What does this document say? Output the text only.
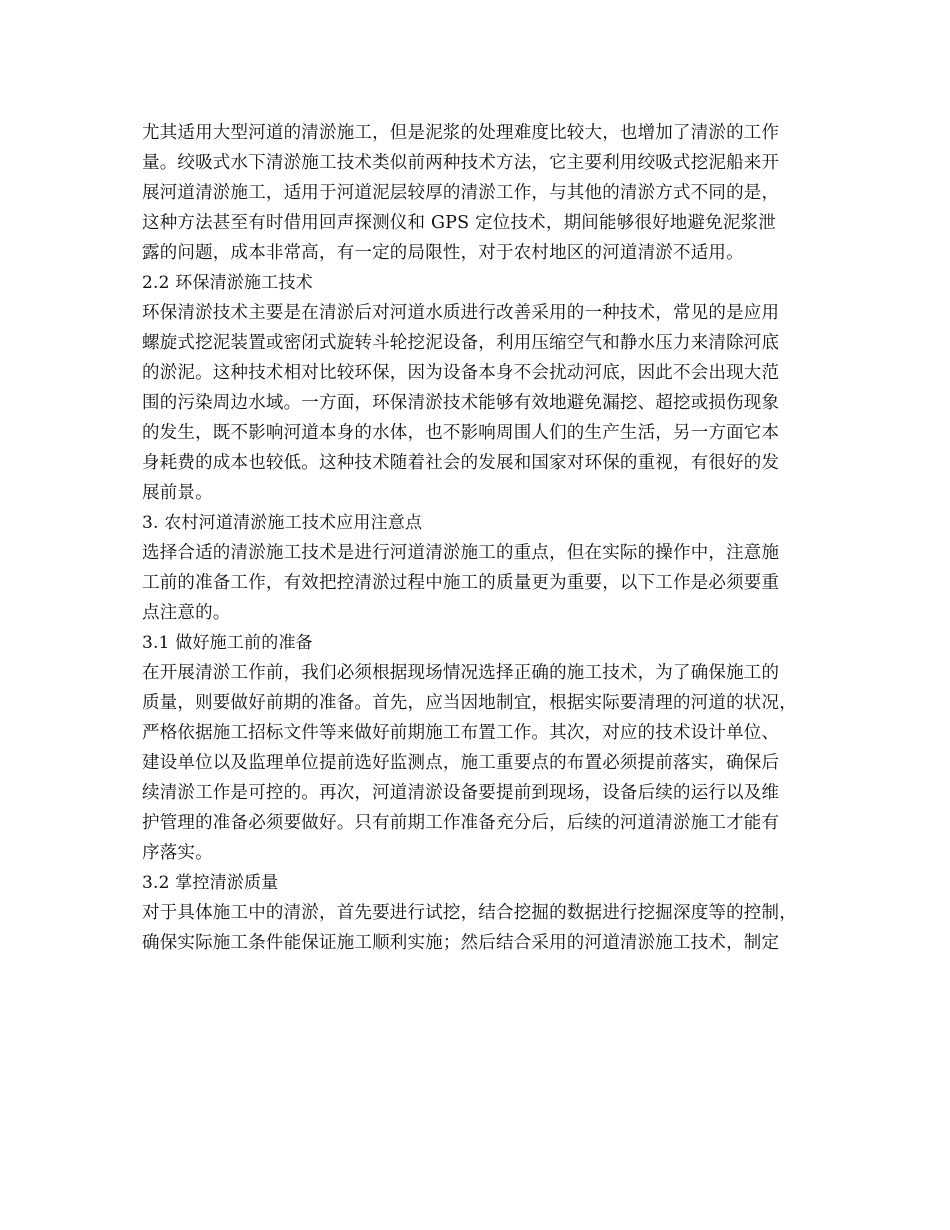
尤其适用大型河道的清淤施工，但是泥浆的处理难度比较大，也增加了清淤的工作
量。绞吸式水下清淤施工技术类似前两种技术方法，它主要利用绞吸式挖泥船来开
展河道清淤施工，适用于河道泥层较厚的清淤工作，与其他的清淤方式不同的是，
这种方法甚至有时借用回声探测仪和 GPS 定位技术，期间能够很好地避免泥浆泄
露的问题，成本非常高，有一定的局限性，对于农村地区的河道清淤不适用。
2.2 环保清淤施工技术
环保清淤技术主要是在清淤后对河道水质进行改善采用的一种技术，常见的是应用
螺旋式挖泥装置或密闭式旋转斗轮挖泥设备，利用压缩空气和静水压力来清除河底
的淤泥。这种技术相对比较环保，因为设备本身不会扰动河底，因此不会出现大范
围的污染周边水域。一方面，环保清淤技术能够有效地避免漏挖、超挖或损伤现象
的发生，既不影响河道本身的水体，也不影响周围人们的生产生活，另一方面它本
身耗费的成本也较低。这种技术随着社会的发展和国家对环保的重视，有很好的发
展前景。
3. 农村河道清淤施工技术应用注意点
选择合适的清淤施工技术是进行河道清淤施工的重点，但在实际的操作中，注意施
工前的准备工作，有效把控清淤过程中施工的质量更为重要，以下工作是必须要重
点注意的。
3.1 做好施工前的准备
在开展清淤工作前，我们必须根据现场情况选择正确的施工技术，为了确保施工的
质量，则要做好前期的准备。首先，应当因地制宜，根据实际要清理的河道的状况，
严格依据施工招标文件等来做好前期施工布置工作。其次，对应的技术设计单位、
建设单位以及监理单位提前选好监测点，施工重要点的布置必须提前落实，确保后
续清淤工作是可控的。再次，河道清淤设备要提前到现场，设备后续的运行以及维
护管理的准备必须要做好。只有前期工作准备充分后，后续的河道清淤施工才能有
序落实。
3.2 掌控清淤质量
对于具体施工中的清淤，首先要进行试挖，结合挖掘的数据进行挖掘深度等的控制，
确保实际施工条件能保证施工顺利实施；然后结合采用的河道清淤施工技术，制定
